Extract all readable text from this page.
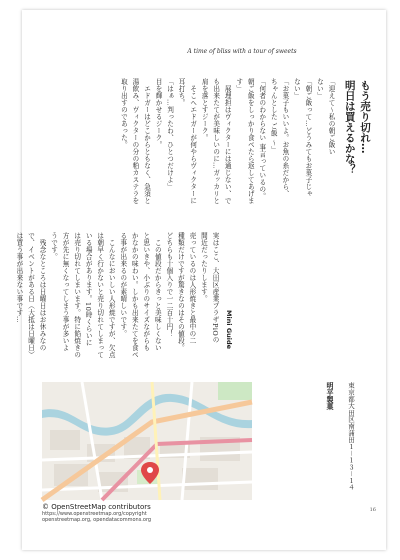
A time of bliss with a tour of sweets
もう売り切れ…
明日は買えるかな？
「迎えて～私の朝ご飯い
ない」
「朝ご飯って…どうみてもお菓子じゃ
ない」
「お菓子もいいよ。お魚の糸だから、
ちゃんとした ご飯 ～」
「何者のわからない 事言っているの。
朝ご飯をしっかり食べたら返してあげま
す」
　展理担はヴィクターには通じない、で
も出来たてが美味しいのに…ガッカリと
肩を落とすジーク。
　そこへエドガーが何やらヴィクターに
耳打ち。
「はぁ…判ったわ、ひとつだけよ」
目を輝かせるジーク。
　エドガーはどこからともなく、急須と
湯飲み、ヴィクターの分の粕カステラを
取り出すのであった。
Mini Guide
実はここ、大田区産業プラザPiOの
間近だったりします。
売っているのは人形焼きと最中の二
種類だけですが驚きなのはその値段。
どちらも十個入りで一二百十円！
　この値段だからきっと美味しくない
と思いきや、小ぶりのサイズながらも
かなかの味わい。しかも出来たてを食べ
る事が出来るのが素晴しいです。
　こんなにおいしい人形焼ですが、欠点
は朝早く行かないと売り切れてしまって
いる場合があります。10時くらいに
は売り切れてしまいます。特に餡焼きの
方が先に無くなってしまう事が多いよ
うです。
　残念なところは日曜日はお休みなの
で、イベントがある日（大抵は日曜日）
は買う事が出来ない事です…
明平製菓	東京都大田区南蒲田１－１３－１４
© OpenStreetMap contributors
https://www.openstreetmap.org/copyright
openstreetmap.org, opendatacommons.org
16
